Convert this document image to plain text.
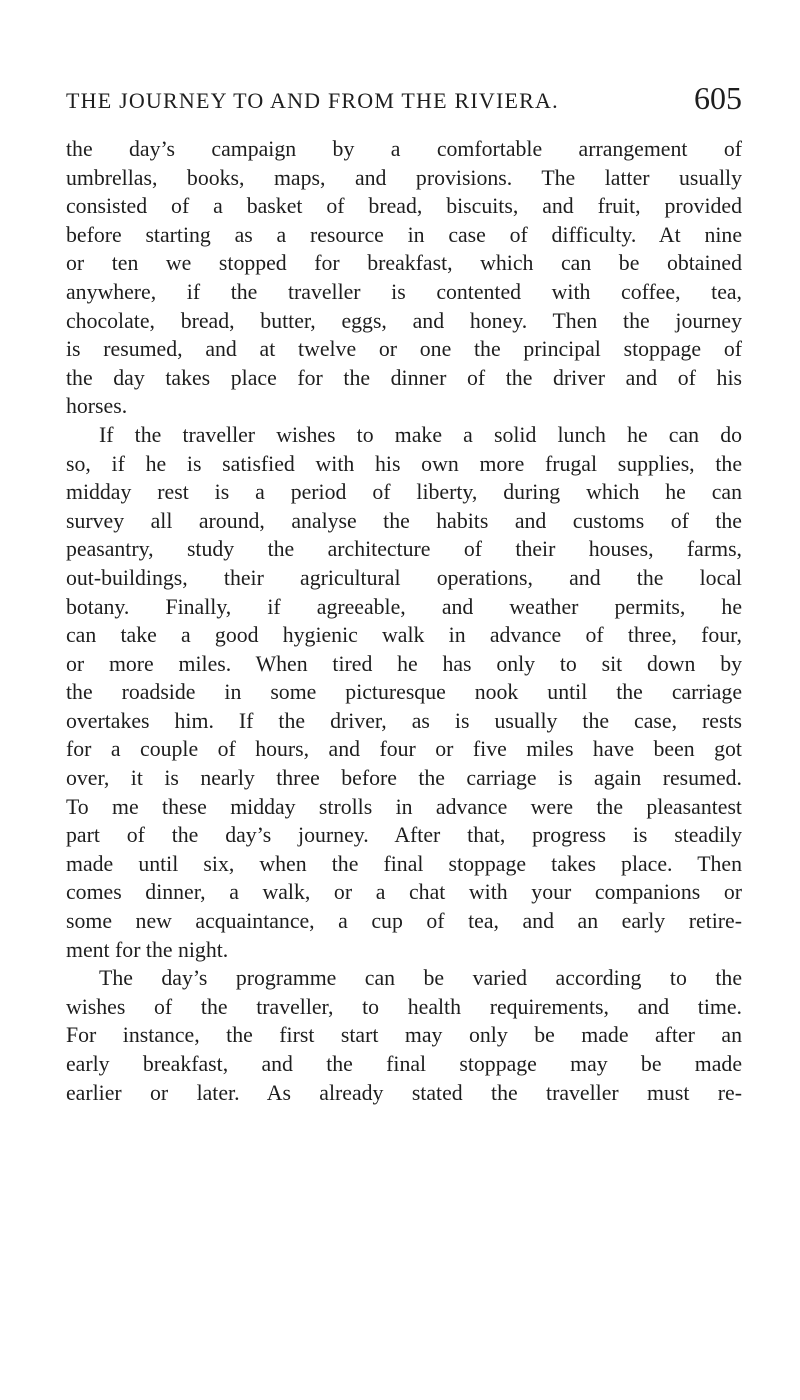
THE JOURNEY TO AND FROM THE RIVIERA.	605
the day’s campaign by a comfortable arrangement of
umbrellas, books, maps, and provisions. The latter usually
consisted of a basket of bread, biscuits, and fruit, provided
before starting as a resource in case of difficulty. At nine
or ten we stopped for breakfast, which can be obtained
anywhere, if the traveller is contented with coffee, tea,
chocolate, bread, butter, eggs, and honey. Then the journey
is resumed, and at twelve or one the principal stoppage of
the day takes place for the dinner of the driver and of his
horses.
If the traveller wishes to make a solid lunch he can do
so, if he is satisfied with his own more frugal supplies, the
midday rest is a period of liberty, during which he can
survey all around, analyse the habits and customs of the
peasantry, study the architecture of their houses, farms,
out-buildings, their agricultural operations, and the local
botany. Finally, if agreeable, and weather permits, he
can take a good hygienic walk in advance of three, four,
or more miles. When tired he has only to sit down by
the roadside in some picturesque nook until the carriage
overtakes him. If the driver, as is usually the case, rests
for a couple of hours, and four or five miles have been got
over, it is nearly three before the carriage is again resumed.
To me these midday strolls in advance were the pleasantest
part of the day’s journey. After that, progress is steadily
made until six, when the final stoppage takes place. Then
comes dinner, a walk, or a chat with your companions or
some new acquaintance, a cup of tea, and an early retire-
ment for the night.
The day’s programme can be varied according to the
wishes of the traveller, to health requirements, and time.
For instance, the first start may only be made after an
early breakfast, and the final stoppage may be made
earlier or later. As already stated the traveller must re-
